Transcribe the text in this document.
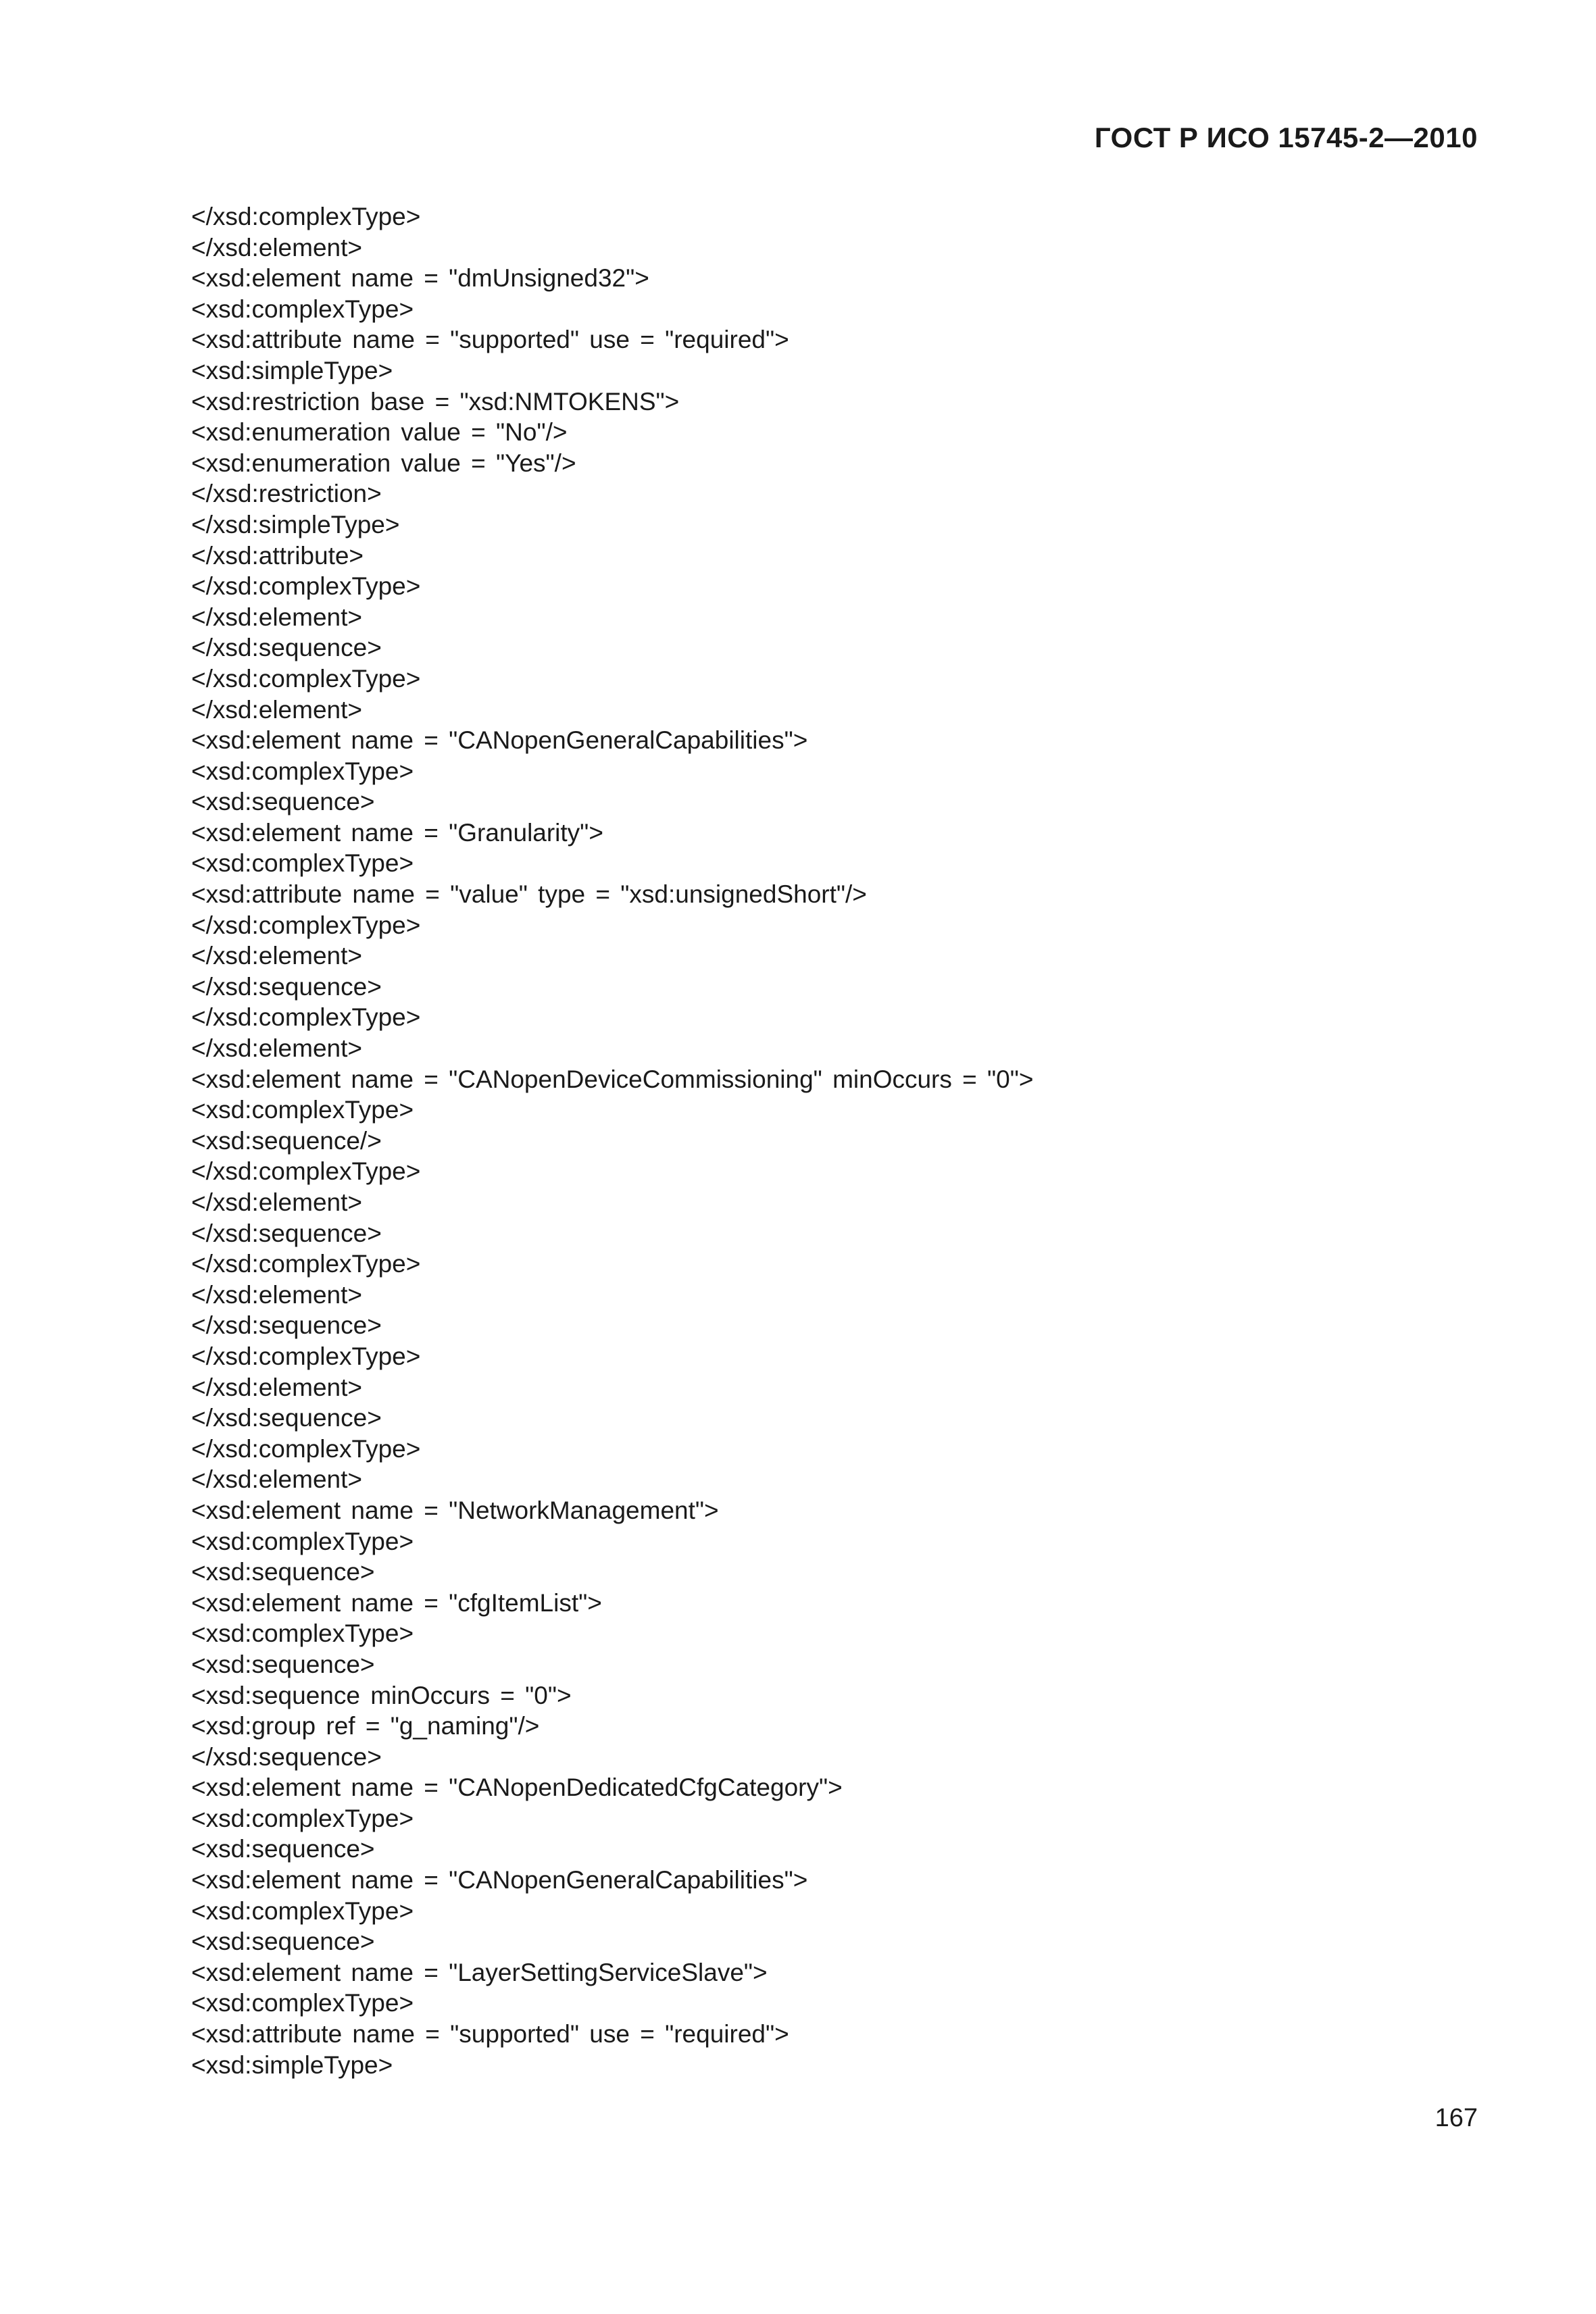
ГОСТ Р ИСО 15745-2—2010
</xsd:complexType>
</xsd:element>
<xsd:element name = "dmUnsigned32">
<xsd:complexType>
<xsd:attribute name = "supported" use = "required">
<xsd:simpleType>
<xsd:restriction base = "xsd:NMTOKENS">
<xsd:enumeration value = "No"/>
<xsd:enumeration value = "Yes"/>
</xsd:restriction>
</xsd:simpleType>
</xsd:attribute>
</xsd:complexType>
</xsd:element>
</xsd:sequence>
</xsd:complexType>
</xsd:element>
<xsd:element name = "CANopenGeneralCapabilities">
<xsd:complexType>
<xsd:sequence>
<xsd:element name = "Granularity">
<xsd:complexType>
<xsd:attribute name = "value" type = "xsd:unsignedShort"/>
</xsd:complexType>
</xsd:element>
</xsd:sequence>
</xsd:complexType>
</xsd:element>
<xsd:element name = "CANopenDeviceCommissioning" minOccurs = "0">
<xsd:complexType>
<xsd:sequence/>
</xsd:complexType>
</xsd:element>
</xsd:sequence>
</xsd:complexType>
</xsd:element>
</xsd:sequence>
</xsd:complexType>
</xsd:element>
</xsd:sequence>
</xsd:complexType>
</xsd:element>
<xsd:element name = "NetworkManagement">
<xsd:complexType>
<xsd:sequence>
<xsd:element name = "cfgItemList">
<xsd:complexType>
<xsd:sequence>
<xsd:sequence minOccurs = "0">
<xsd:group ref = "g_naming"/>
</xsd:sequence>
<xsd:element name = "CANopenDedicatedCfgCategory">
<xsd:complexType>
<xsd:sequence>
<xsd:element name = "CANopenGeneralCapabilities">
<xsd:complexType>
<xsd:sequence>
<xsd:element name = "LayerSettingServiceSlave">
<xsd:complexType>
<xsd:attribute name = "supported" use = "required">
<xsd:simpleType>
167
